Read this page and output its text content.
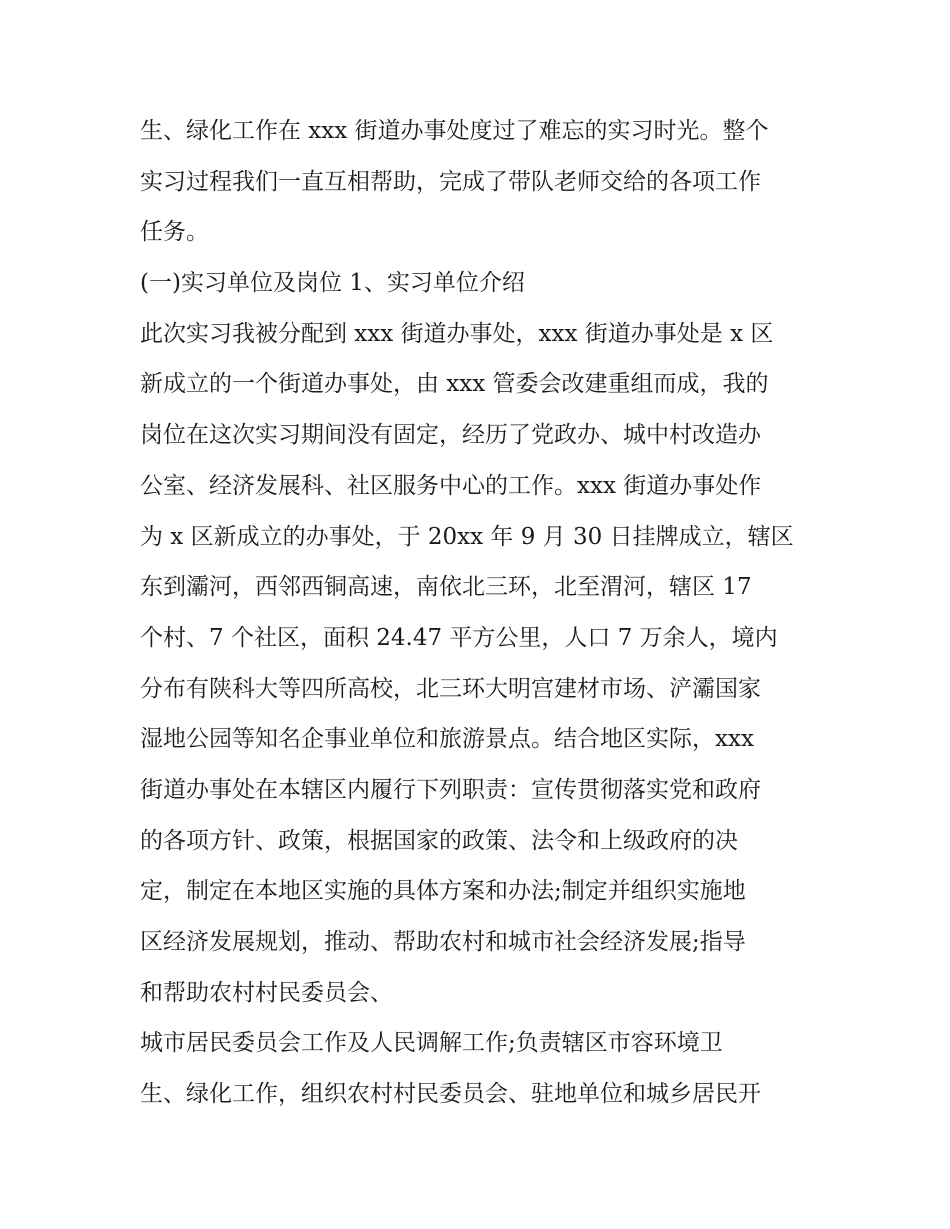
生、绿化工作在 xxx 街道办事处度过了难忘的实习时光。整个
实习过程我们一直互相帮助，完成了带队老师交给的各项工作
任务。
(一)实习单位及岗位 1、实习单位介绍
此次实习我被分配到 xxx 街道办事处，xxx 街道办事处是 x 区
新成立的一个街道办事处，由 xxx 管委会改建重组而成，我的
岗位在这次实习期间没有固定，经历了党政办、城中村改造办
公室、经济发展科、社区服务中心的工作。xxx 街道办事处作
为 x 区新成立的办事处，于 20xx 年 9 月 30 日挂牌成立，辖区
东到灞河，西邻西铜高速，南依北三环，北至渭河，辖区 17
个村、7 个社区，面积 24.47 平方公里，人口 7 万余人，境内
分布有陕科大等四所高校，北三环大明宫建材市场、浐灞国家
湿地公园等知名企事业单位和旅游景点。结合地区实际，xxx
街道办事处在本辖区内履行下列职责：宣传贯彻落实党和政府
的各项方针、政策，根据国家的政策、法令和上级政府的决
定，制定在本地区实施的具体方案和办法;制定并组织实施地
区经济发展规划，推动、帮助农村和城市社会经济发展;指导
和帮助农村村民委员会、
城市居民委员会工作及人民调解工作;负责辖区市容环境卫
生、绿化工作，组织农村村民委员会、驻地单位和城乡居民开
